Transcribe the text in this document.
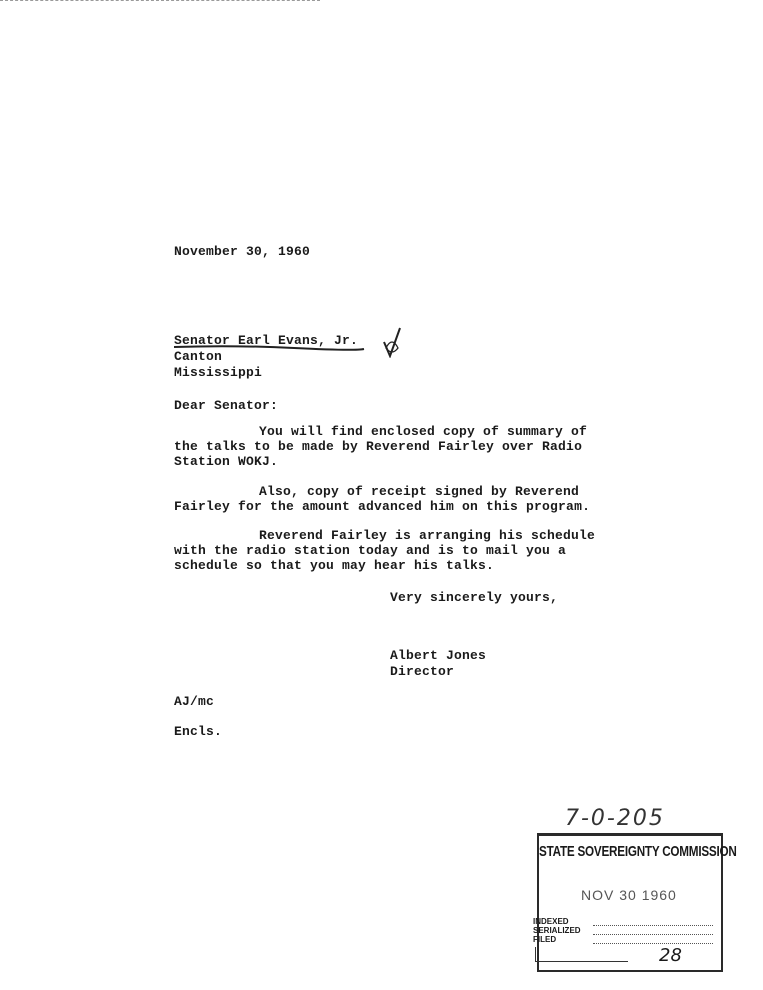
November 30, 1960
Senator Earl Evans, Jr.
Canton
Mississippi
Dear Senator:
You will find enclosed copy of summary of
the talks to be made by Reverend Fairley over Radio
Station WOKJ.
Also, copy of receipt signed by Reverend
Fairley for the amount advanced him on this program.
Reverend Fairley is arranging his schedule
with the radio station today and is to mail you a
schedule so that you may hear his talks.
Very sincerely yours,
Albert Jones
Director
AJ/mc
Encls.
7-0-205
STATE SOVEREIGNTY COMMISSION
NOV 30 1960
INDEXED
SERIALIZED
FILED
28
